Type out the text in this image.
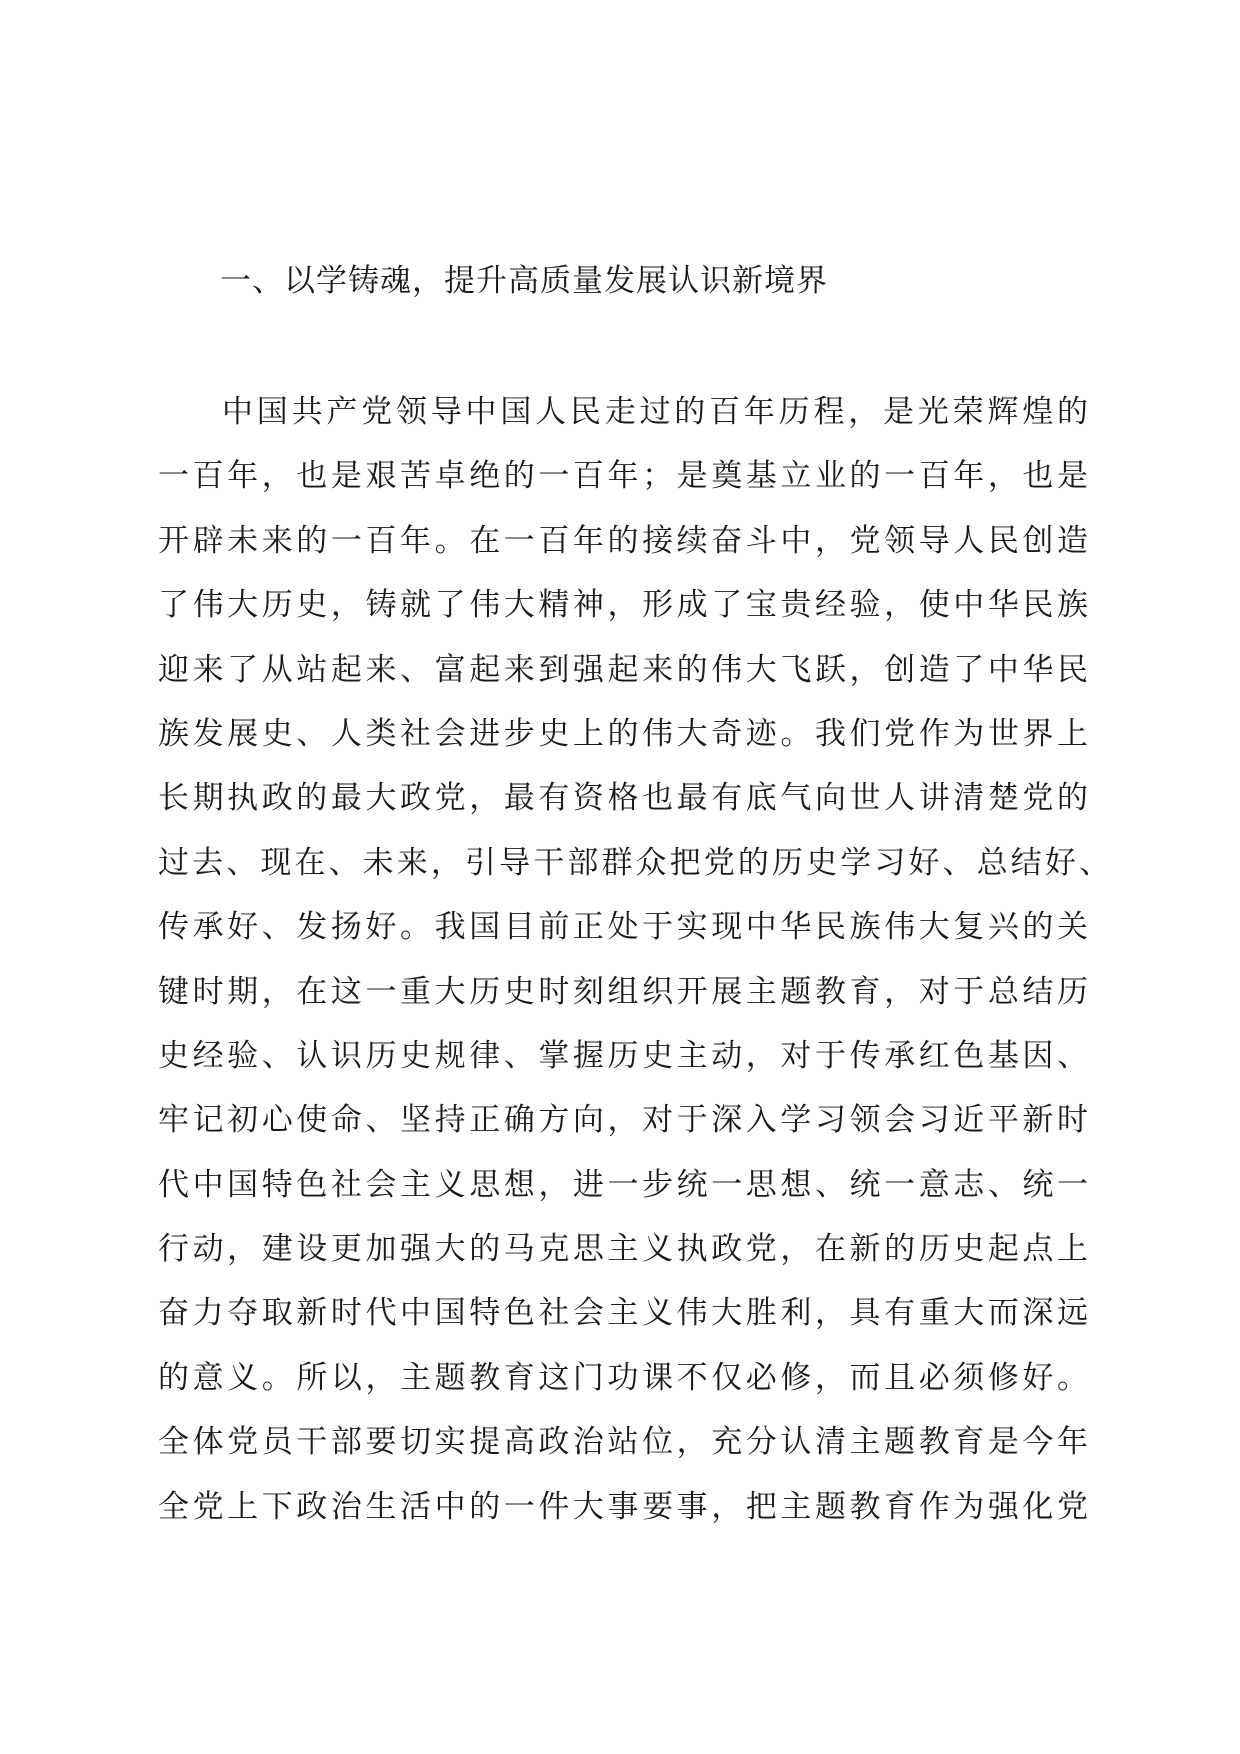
一、以学铸魂，提升高质量发展认识新境界
中国共产党领导中国人民走过的百年历程，是光荣辉煌的
一百年，也是艰苦卓绝的一百年；是奠基立业的一百年，也是
开辟未来的一百年。在一百年的接续奋斗中，党领导人民创造
了伟大历史，铸就了伟大精神，形成了宝贵经验，使中华民族
迎来了从站起来、富起来到强起来的伟大飞跃，创造了中华民
族发展史、人类社会进步史上的伟大奇迹。我们党作为世界上
长期执政的最大政党，最有资格也最有底气向世人讲清楚党的
过去、现在、未来，引导干部群众把党的历史学习好、总结好、
传承好、发扬好。我国目前正处于实现中华民族伟大复兴的关
键时期，在这一重大历史时刻组织开展主题教育，对于总结历
史经验、认识历史规律、掌握历史主动，对于传承红色基因、
牢记初心使命、坚持正确方向，对于深入学习领会习近平新时
代中国特色社会主义思想，进一步统一思想、统一意志、统一
行动，建设更加强大的马克思主义执政党，在新的历史起点上
奋力夺取新时代中国特色社会主义伟大胜利，具有重大而深远
的意义。所以，主题教育这门功课不仅必修，而且必须修好。
全体党员干部要切实提高政治站位，充分认清主题教育是今年
全党上下政治生活中的一件大事要事，把主题教育作为强化党
